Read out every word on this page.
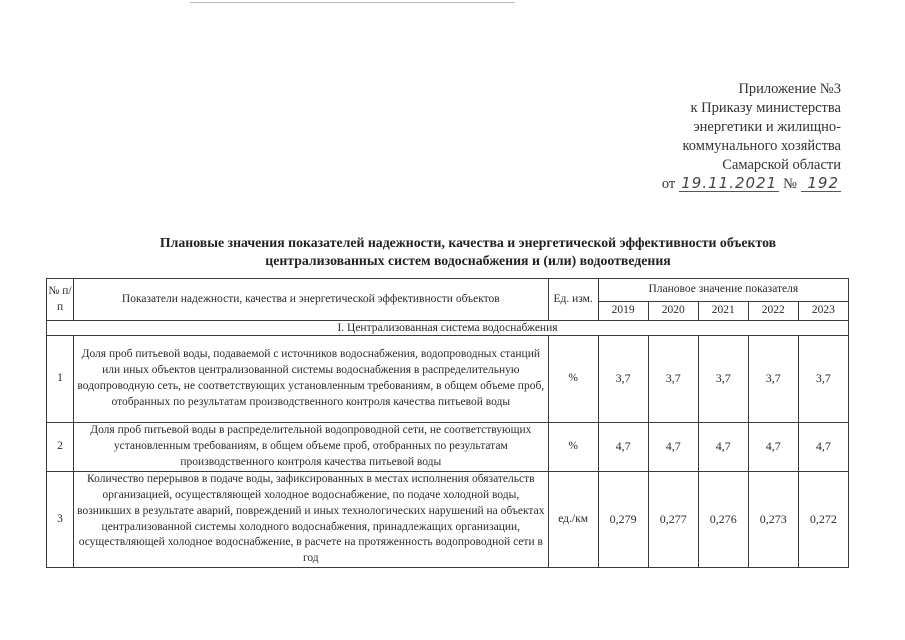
Приложение №3
к Приказу министерства
энергетики и жилищно-
коммунального хозяйства
Самарской области
от 19.11.2021 № 192
Плановые значения показателей надежности, качества и энергетической эффективности объектов
централизованных систем водоснабжения и (или) водоотведения
№ п/п	Показатели надежности, качества и энергетической эффективности объектов	Ед. изм.	Плановое значение показателя				
			2019	2020	2021	2022	2023
I. Централизованная система водоснабжения							
1	Доля проб питьевой воды, подаваемой с источников водоснабжения, водопроводных станций или иных объектов централизованной системы водоснабжения в распределительную водопроводную сеть, не соответствующих установленным требованиям, в общем объеме проб, отобранных по результатам производственного контроля качества питьевой воды	%	3,7	3,7	3,7	3,7	3,7
2	Доля проб питьевой воды в распределительной водопроводной сети, не соответствующих установленным требованиям, в общем объеме проб, отобранных по результатам производственного контроля качества питьевой воды	%	4,7	4,7	4,7	4,7	4,7
3	Количество перерывов в подаче воды, зафиксированных в местах исполнения обязательств организацией, осуществляющей холодное водоснабжение, по подаче холодной воды, возникших в результате аварий, повреждений и иных технологических нарушений на объектах централизованной системы холодного водоснабжения, принадлежащих организации, осуществляющей холодное водоснабжение, в расчете на протяженность водопроводной сети в год	ед./км	0,279	0,277	0,276	0,273	0,272
